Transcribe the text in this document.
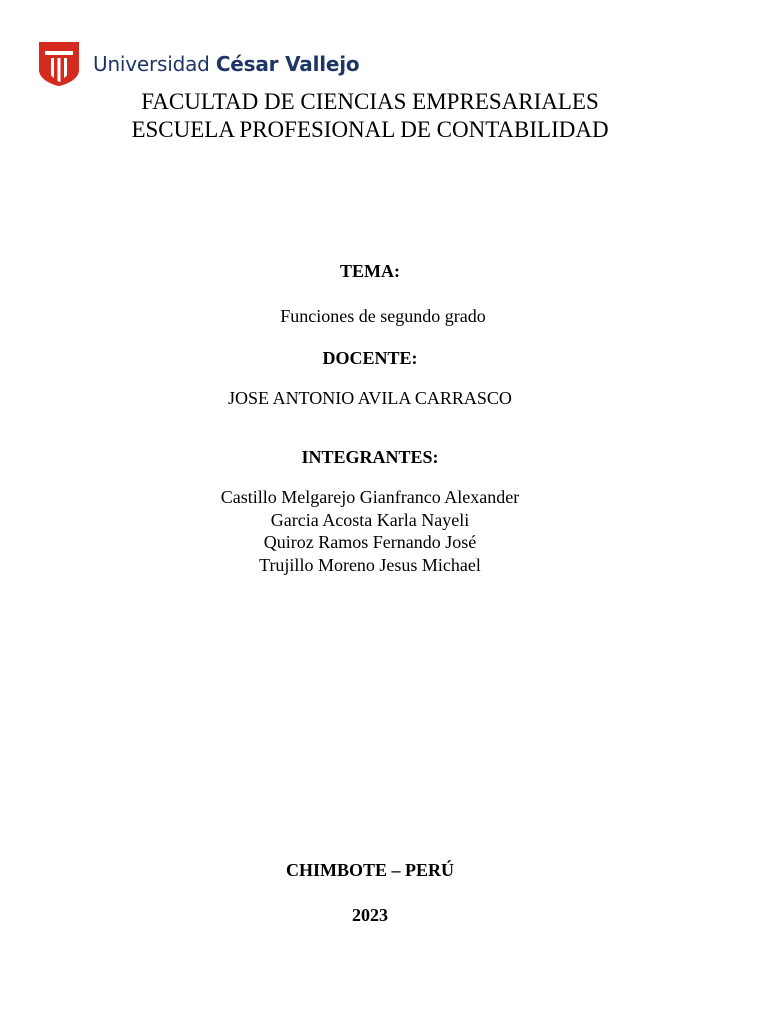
Universidad César Vallejo
FACULTAD DE CIENCIAS EMPRESARIALES
ESCUELA PROFESIONAL DE CONTABILIDAD
TEMA:
Funciones de segundo grado
DOCENTE:
JOSE ANTONIO AVILA CARRASCO
INTEGRANTES:
Castillo Melgarejo Gianfranco Alexander
Garcia Acosta Karla Nayeli
Quiroz Ramos Fernando José
Trujillo Moreno Jesus Michael
CHIMBOTE – PERÚ
2023
